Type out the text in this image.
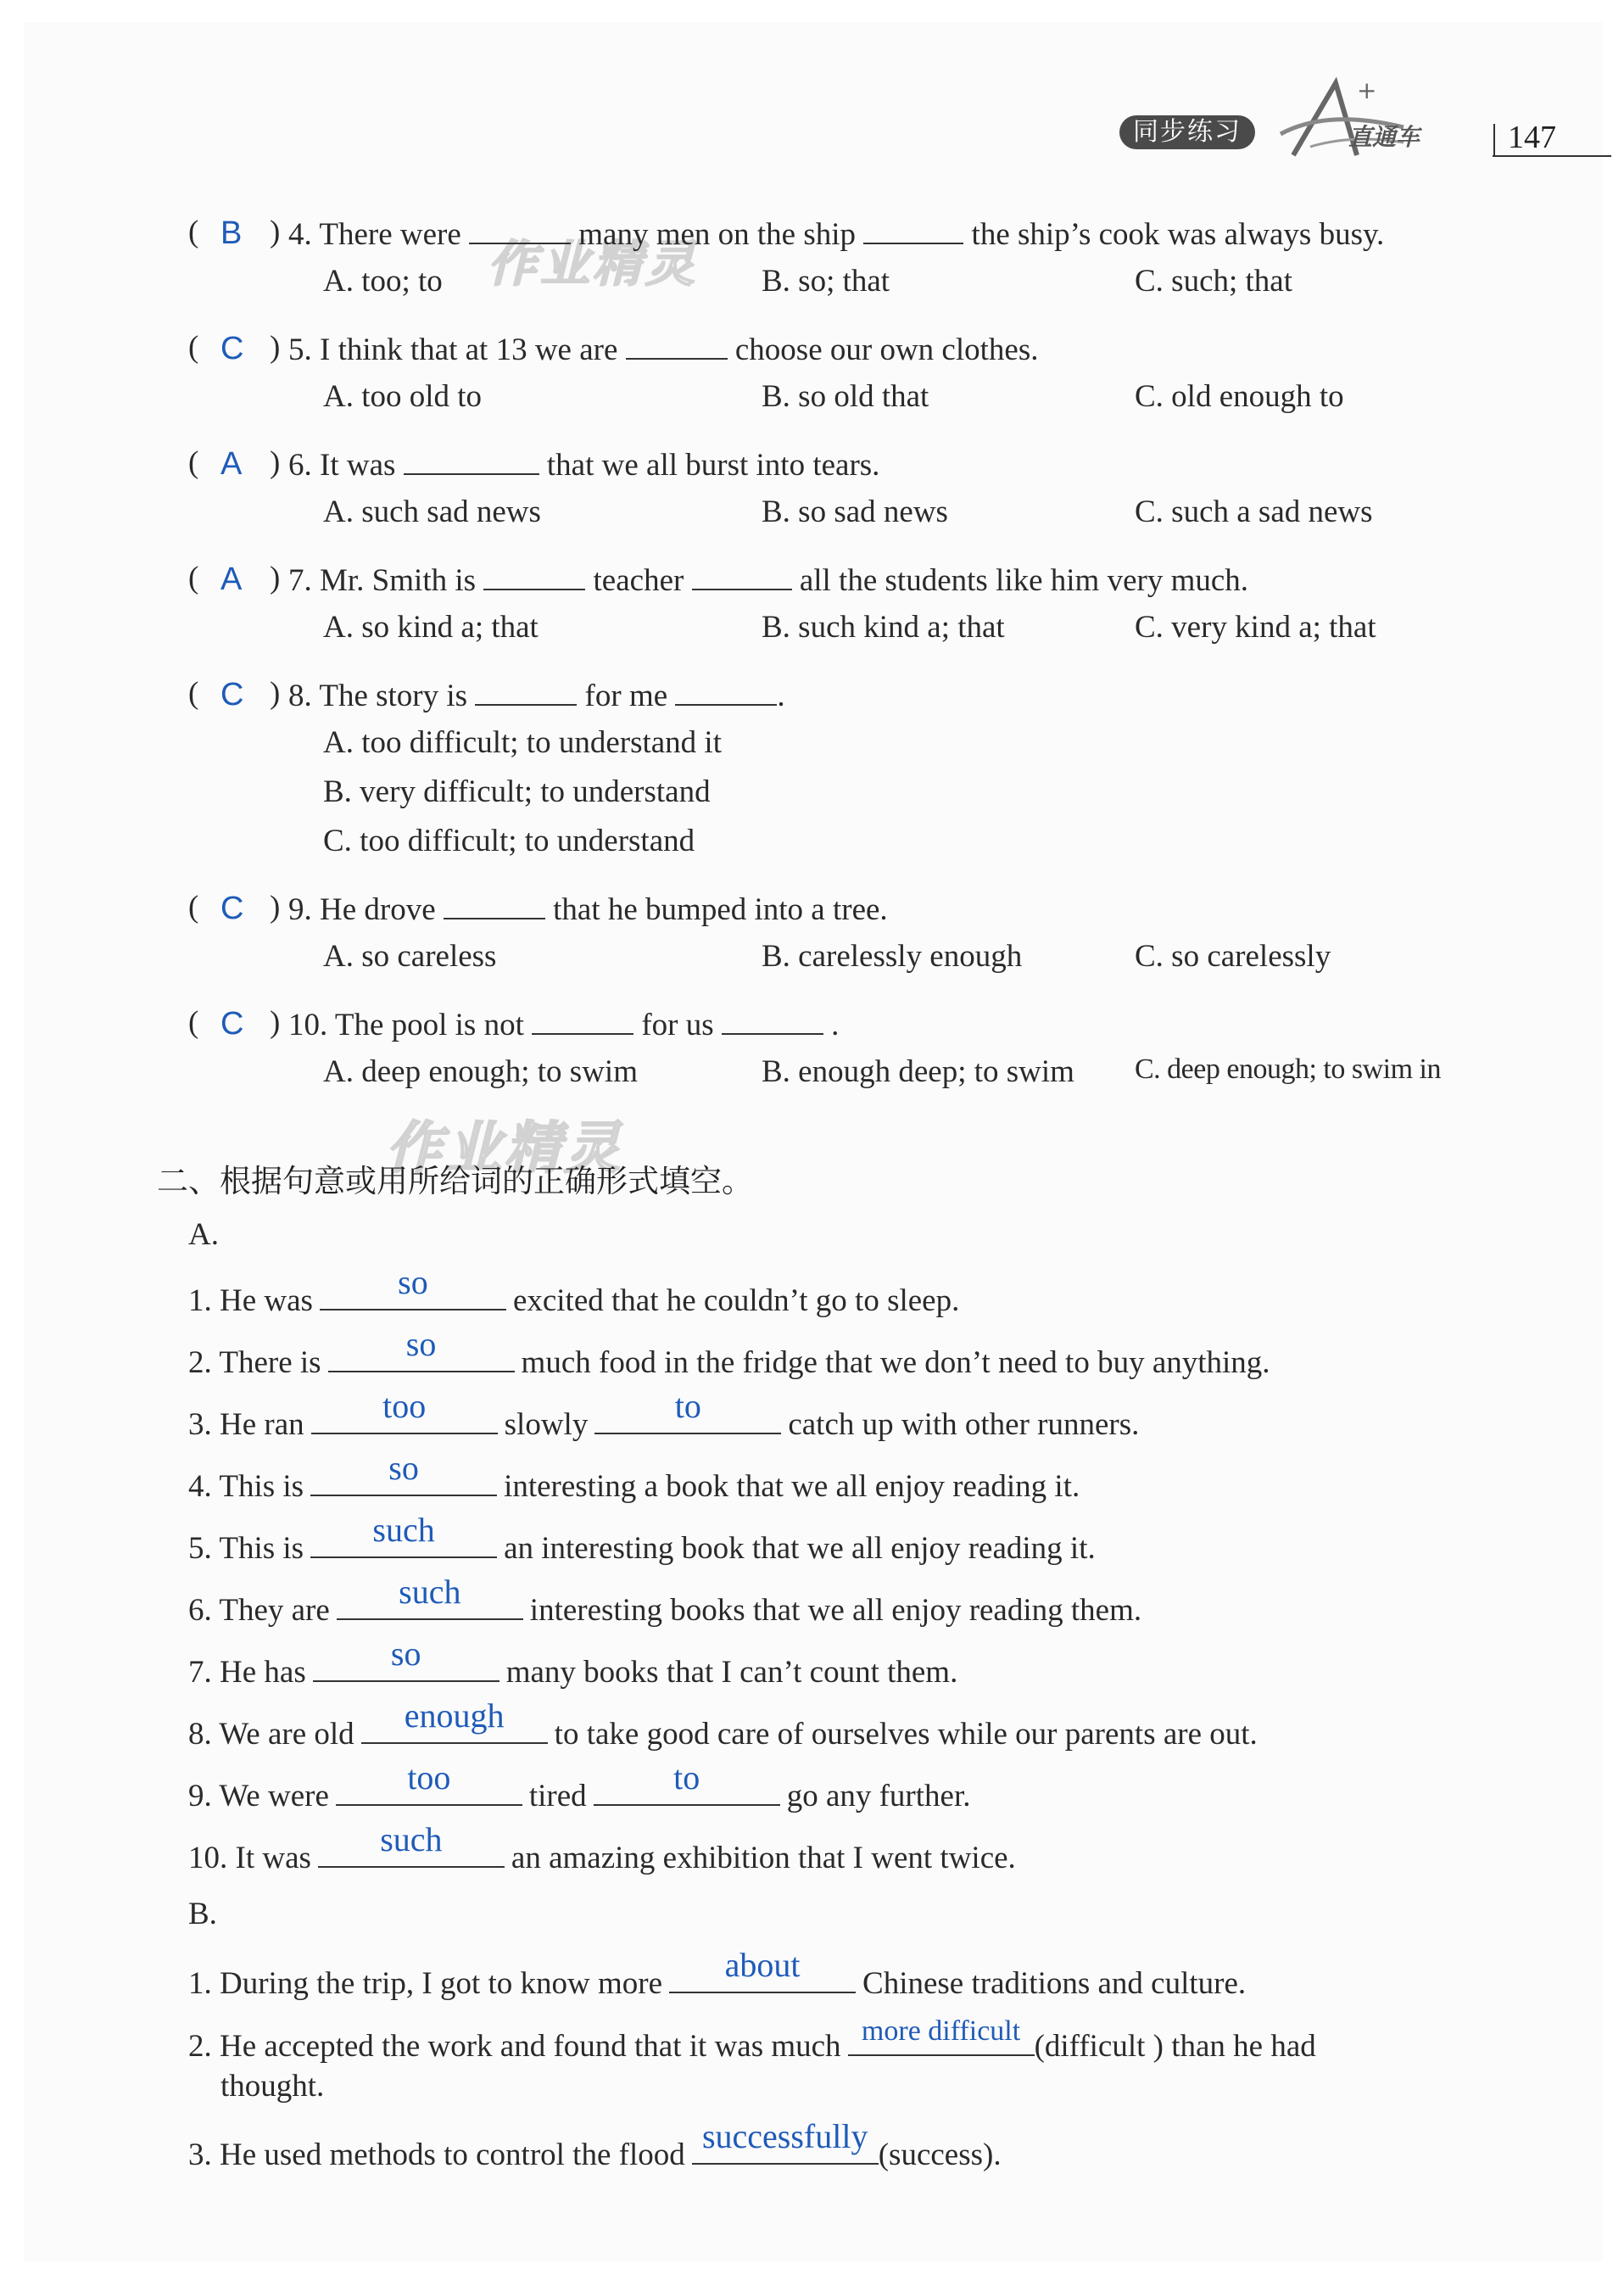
同步练习
+
直通车	147
作业精灵
作业精灵
( B ) 4. There were	many men on the ship	the ship’s cook was always busy.
A. too; to	B. so; that	C. such; that
( C ) 5. I think that at 13 we are	choose our own clothes.
A. too old to	B. so old that	C. old enough to
( A ) 6. It was	that we all burst into tears.
A. such sad news	B. so sad news	C. such a sad news
( A ) 7. Mr. Smith is	teacher	all the students like him very much.
A. so kind a; that	B. such kind a; that	C. very kind a; that
( C ) 8. The story is	for me	.
A. too difficult; to understand it
B. very difficult; to understand
C. too difficult; to understand
( C ) 9. He drove	that he bumped into a tree.
A. so careless	B. carelessly enough	C. so carelessly
( C ) 10. The pool is not	for us	.
A. deep enough; to swim	B. enough deep; to swim C. deep enough; to swim in
二、根据句意或用所给词的正确形式填空。
A.
1. He was	so	excited that he couldn’t go to sleep.
2. There is	so	much food in the fridge that we don’t need to buy anything.
3. He ran	too	slowly	to	catch up with other runners.
4. This is	so	interesting a book that we all enjoy reading it.
5. This is	such	an interesting book that we all enjoy reading it.
6. They are	such	interesting books that we all enjoy reading them.
7. He has	so	many books that I can’t count them.
8. We are old	enough	to take good care of ourselves while our parents are out.
9. We were	too	tired	to	go any further.
10. It was	such	an amazing exhibition that I went twice.
B.
1. During the trip, I got to know more	about	Chinese traditions and culture.
2. He accepted the work and found that it was much more difficult (difficult ) than he had
thought.
3. He used methods to control the flood successfully (success).
